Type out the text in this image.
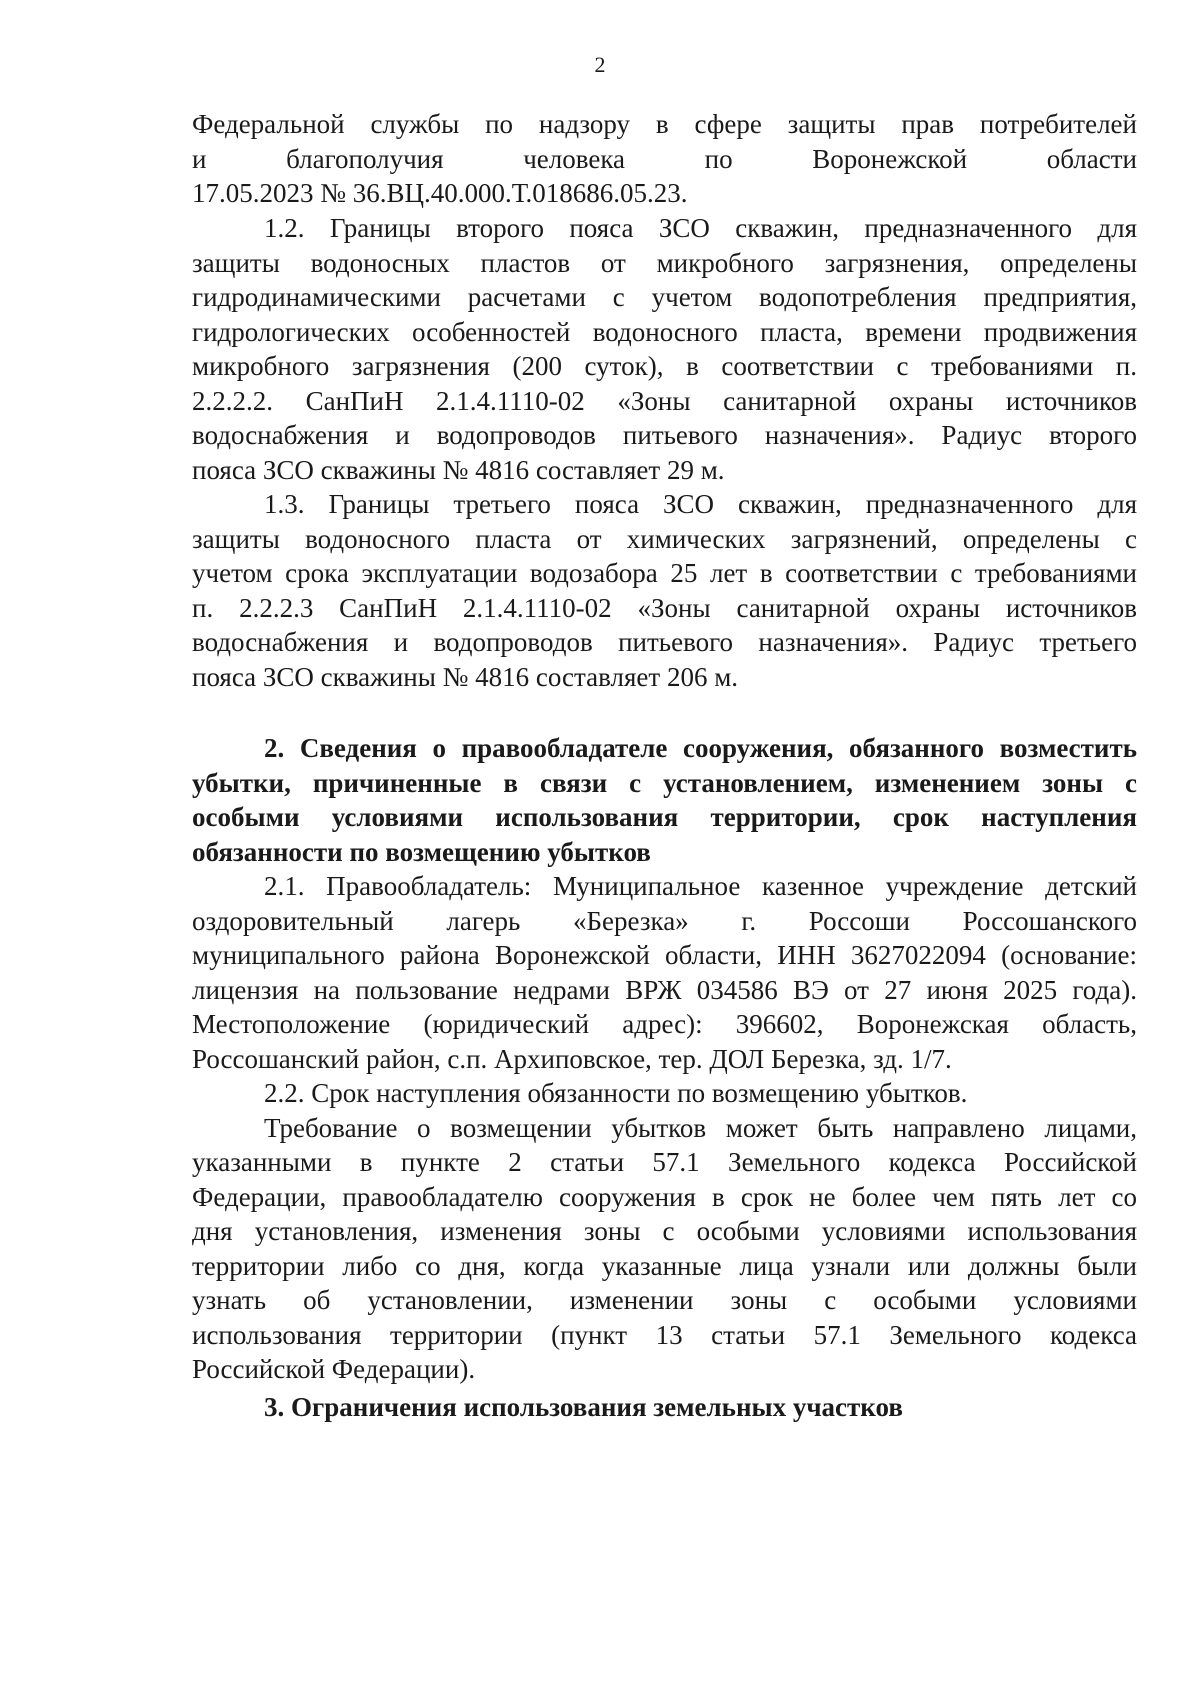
2
Федеральной службы по надзору в сфере защиты прав потребителей
и благополучия человека по Воронежской области
17.05.2023 № 36.ВЦ.40.000.Т.018686.05.23.
1.2. Границы второго пояса ЗСО скважин, предназначенного для
защиты водоносных пластов от микробного загрязнения, определены
гидродинамическими расчетами с учетом водопотребления предприятия,
гидрологических особенностей водоносного пласта, времени продвижения
микробного загрязнения (200 суток), в соответствии с требованиями п.
2.2.2.2. СанПиН 2.1.4.1110-02 «Зоны санитарной охраны источников
водоснабжения и водопроводов питьевого назначения». Радиус второго
пояса ЗСО скважины № 4816 составляет 29 м.
1.3. Границы третьего пояса ЗСО скважин, предназначенного для
защиты водоносного пласта от химических загрязнений, определены с
учетом срока эксплуатации водозабора 25 лет в соответствии с требованиями
п. 2.2.2.3 СанПиН 2.1.4.1110-02 «Зоны санитарной охраны источников
водоснабжения и водопроводов питьевого назначения». Радиус третьего
пояса ЗСО скважины № 4816 составляет 206 м.
2. Сведения о правообладателе сооружения, обязанного возместить
убытки, причиненные в связи с установлением, изменением зоны с
особыми условиями использования территории, срок наступления
обязанности по возмещению убытков
2.1. Правообладатель: Муниципальное казенное учреждение детский
оздоровительный лагерь «Березка» г. Россоши Россошанского
муниципального района Воронежской области, ИНН 3627022094 (основание:
лицензия на пользование недрами ВРЖ 034586 ВЭ от 27 июня 2025 года).
Местоположение (юридический адрес): 396602, Воронежская область,
Россошанский район, с.п. Архиповское, тер. ДОЛ Березка, зд. 1/7.
2.2. Срок наступления обязанности по возмещению убытков.
Требование о возмещении убытков может быть направлено лицами,
указанными в пункте 2 статьи 57.1 Земельного кодекса Российской
Федерации, правообладателю сооружения в срок не более чем пять лет со
дня установления, изменения зоны с особыми условиями использования
территории либо со дня, когда указанные лица узнали или должны были
узнать об установлении, изменении зоны с особыми условиями
использования территории (пункт 13 статьи 57.1 Земельного кодекса
Российской Федерации).
3. Ограничения использования земельных участков
